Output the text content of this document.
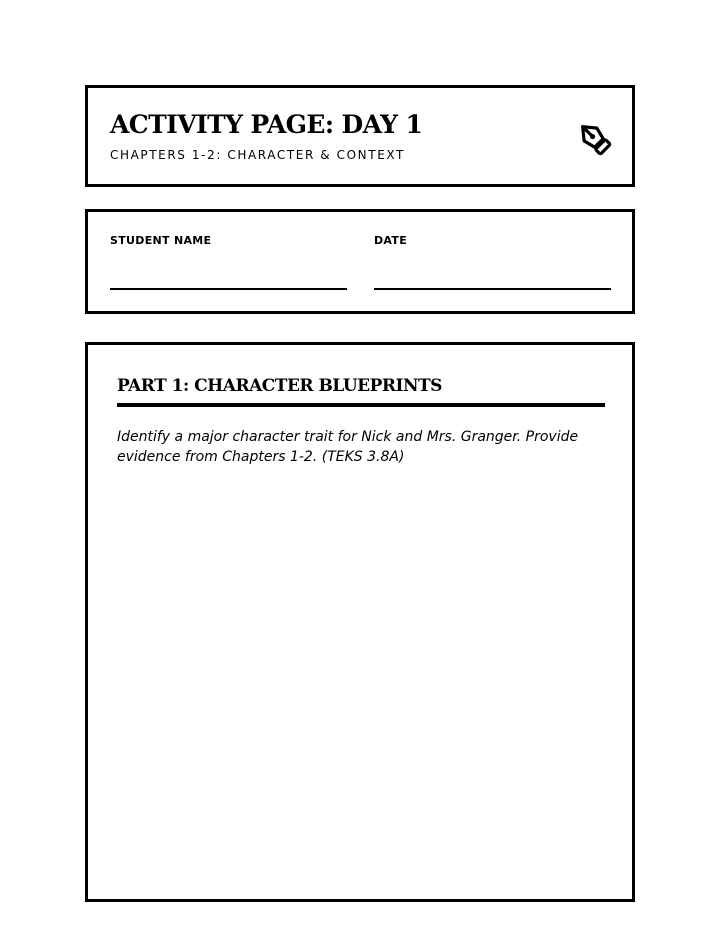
ACTIVITY PAGE: DAY 1
CHAPTERS 1-2: CHARACTER & CONTEXT
STUDENT NAME	DATE
PART 1: CHARACTER BLUEPRINTS

Identify a major character trait for Nick and Mrs. Granger. Provide evidence from Chapters 1-2. (TEKS 3.8A)
